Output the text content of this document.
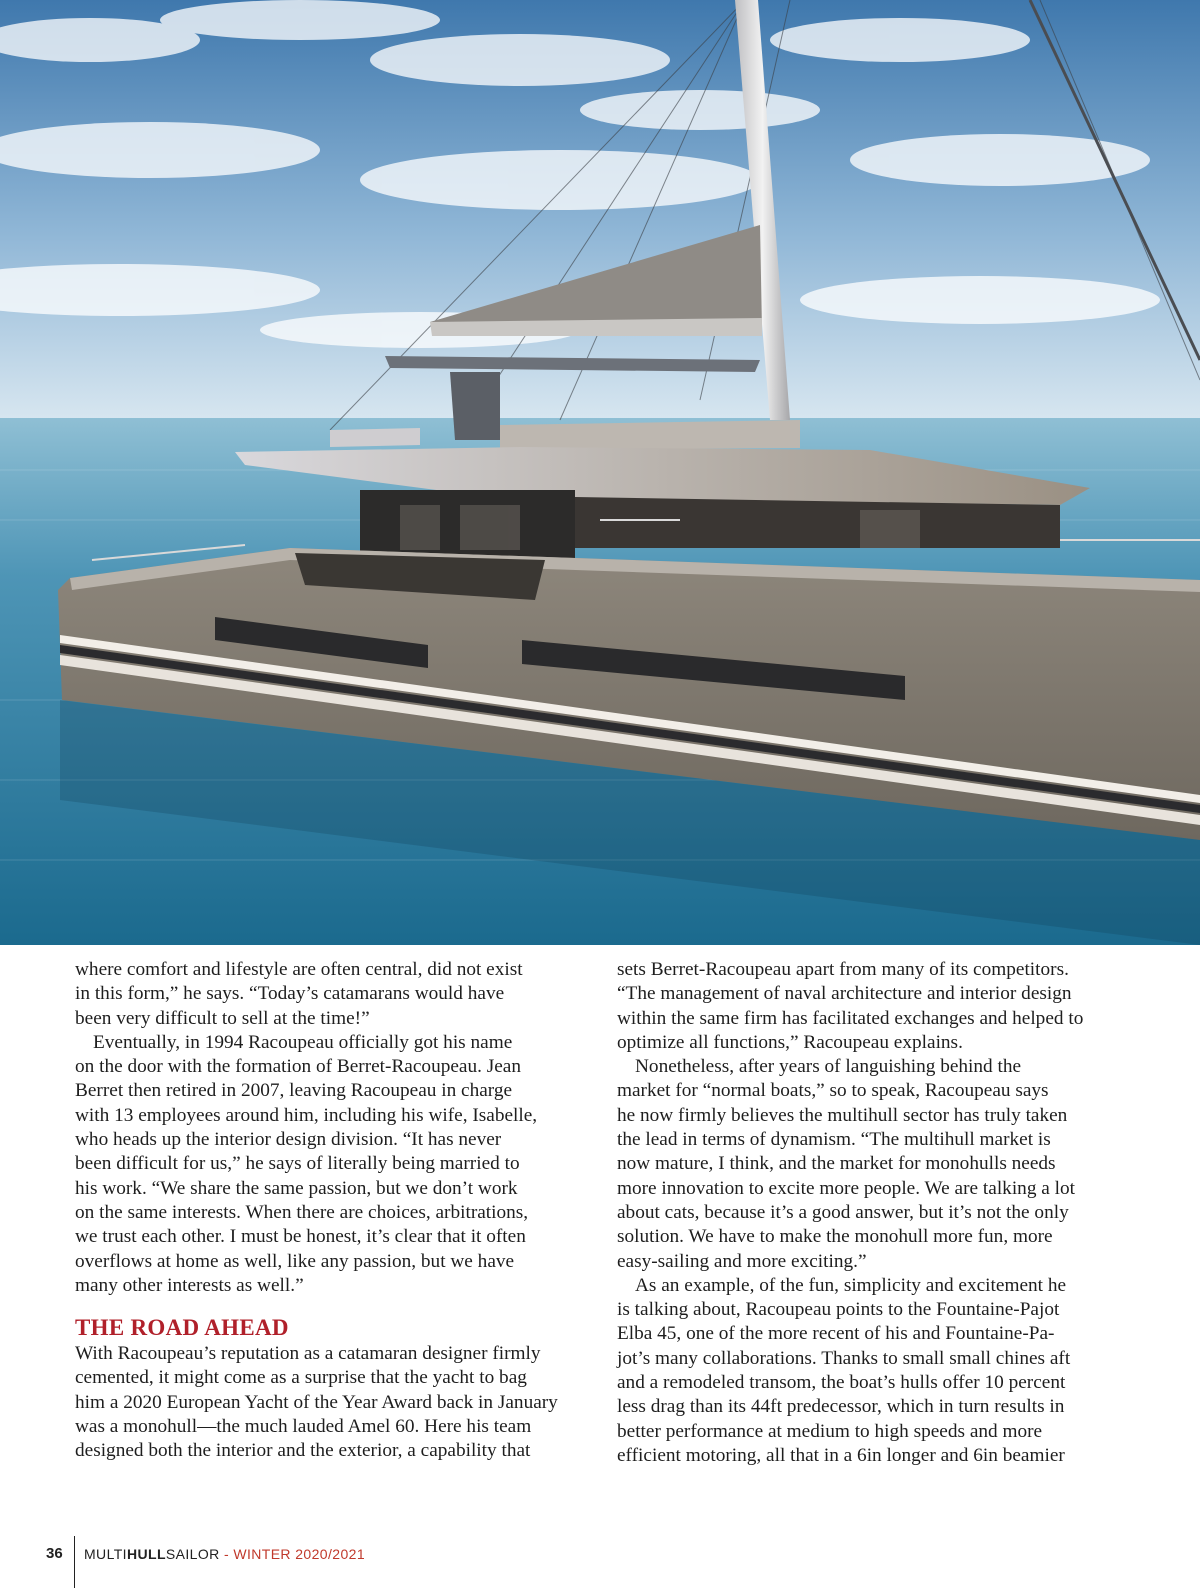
where comfort and lifestyle are often central, did not exist

in this form,” he says. “Today’s catamarans would have

been very difficult to sell at the time!”

Eventually, in 1994 Racoupeau officially got his name

on the door with the formation of Berret-Racoupeau. Jean

Berret then retired in 2007, leaving Racoupeau in charge

with 13 employees around him, including his wife, Isabelle,

who heads up the interior design division. “It has never

been difficult for us,” he says of literally being married to

his work. “We share the same passion, but we don’t work

on the same interests. When there are choices, arbitrations,

we trust each other. I must be honest, it’s clear that it often

overflows at home as well, like any passion, but we have

many other interests as well.”

THE ROAD AHEAD

With Racoupeau’s reputation as a catamaran designer firmly

cemented, it might come as a surprise that the yacht to bag

him a 2020 European Yacht of the Year Award back in January

was a monohull—the much lauded Amel 60. Here his team

designed both the interior and the exterior, a capability that

sets Berret-Racoupeau apart from many of its competitors.

“The management of naval architecture and interior design

within the same firm has facilitated exchanges and helped to

optimize all functions,” Racoupeau explains.

Nonetheless, after years of languishing behind the

market for “normal boats,” so to speak, Racoupeau says

he now firmly believes the multihull sector has truly taken

the lead in terms of dynamism. “The multihull market is

now mature, I think, and the market for monohulls needs

more innovation to excite more people. We are talking a lot

about cats, because it’s a good answer, but it’s not the only

solution. We have to make the monohull more fun, more

easy-sailing and more exciting.”

As an example, of the fun, simplicity and excitement he

is talking about, Racoupeau points to the Fountaine-Pajot

Elba 45, one of the more recent of his and Fountaine-Pa-

jot’s many collaborations. Thanks to small small chines aft

and a remodeled transom, the boat’s hulls offer 10 percent

less drag than its 44ft predecessor, which in turn results in

better performance at medium to high speeds and more

efficient motoring, all that in a 6in longer and 6in beamier

36 MULTIHULLSAILOR - WINTER 2020/2021
